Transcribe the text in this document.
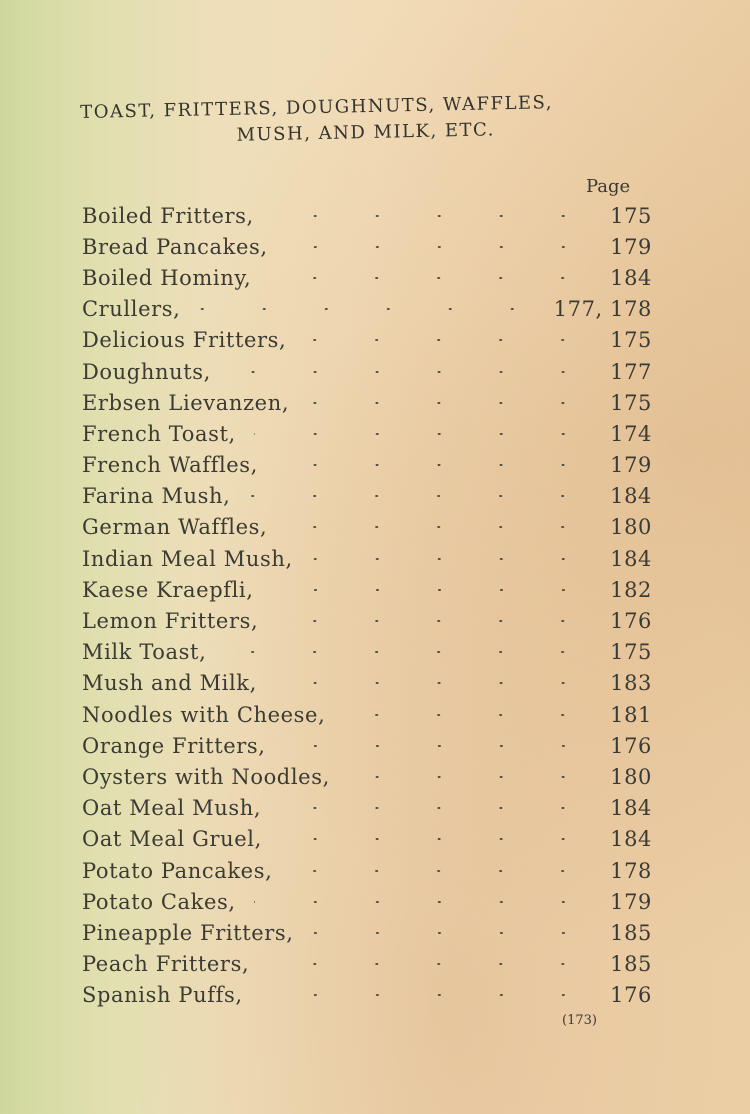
TOAST, FRITTERS, DOUGHNUTS, WAFFLES,
MUSH, AND MILK, ETC.
Page
Boiled Fritters,	175
Bread Pancakes,	179
Boiled Hominy,	184
Crullers,	177, 178
Delicious Fritters,	175
Doughnuts,	177
Erbsen Lievanzen,	175
French Toast,	174
French Waffles,	179
Farina Mush,	184
German Waffles,	180
Indian Meal Mush,	184
Kaese Kraepfli,	182
Lemon Fritters,	176
Milk Toast,	175
Mush and Milk,	183
Noodles with Cheese,	181
Orange Fritters,	176
Oysters with Noodles,	180
Oat Meal Mush,	184
Oat Meal Gruel,	184
Potato Pancakes,	178
Potato Cakes,	179
Pineapple Fritters,	185
Peach Fritters,	185
Spanish Puffs,	176
(173)
